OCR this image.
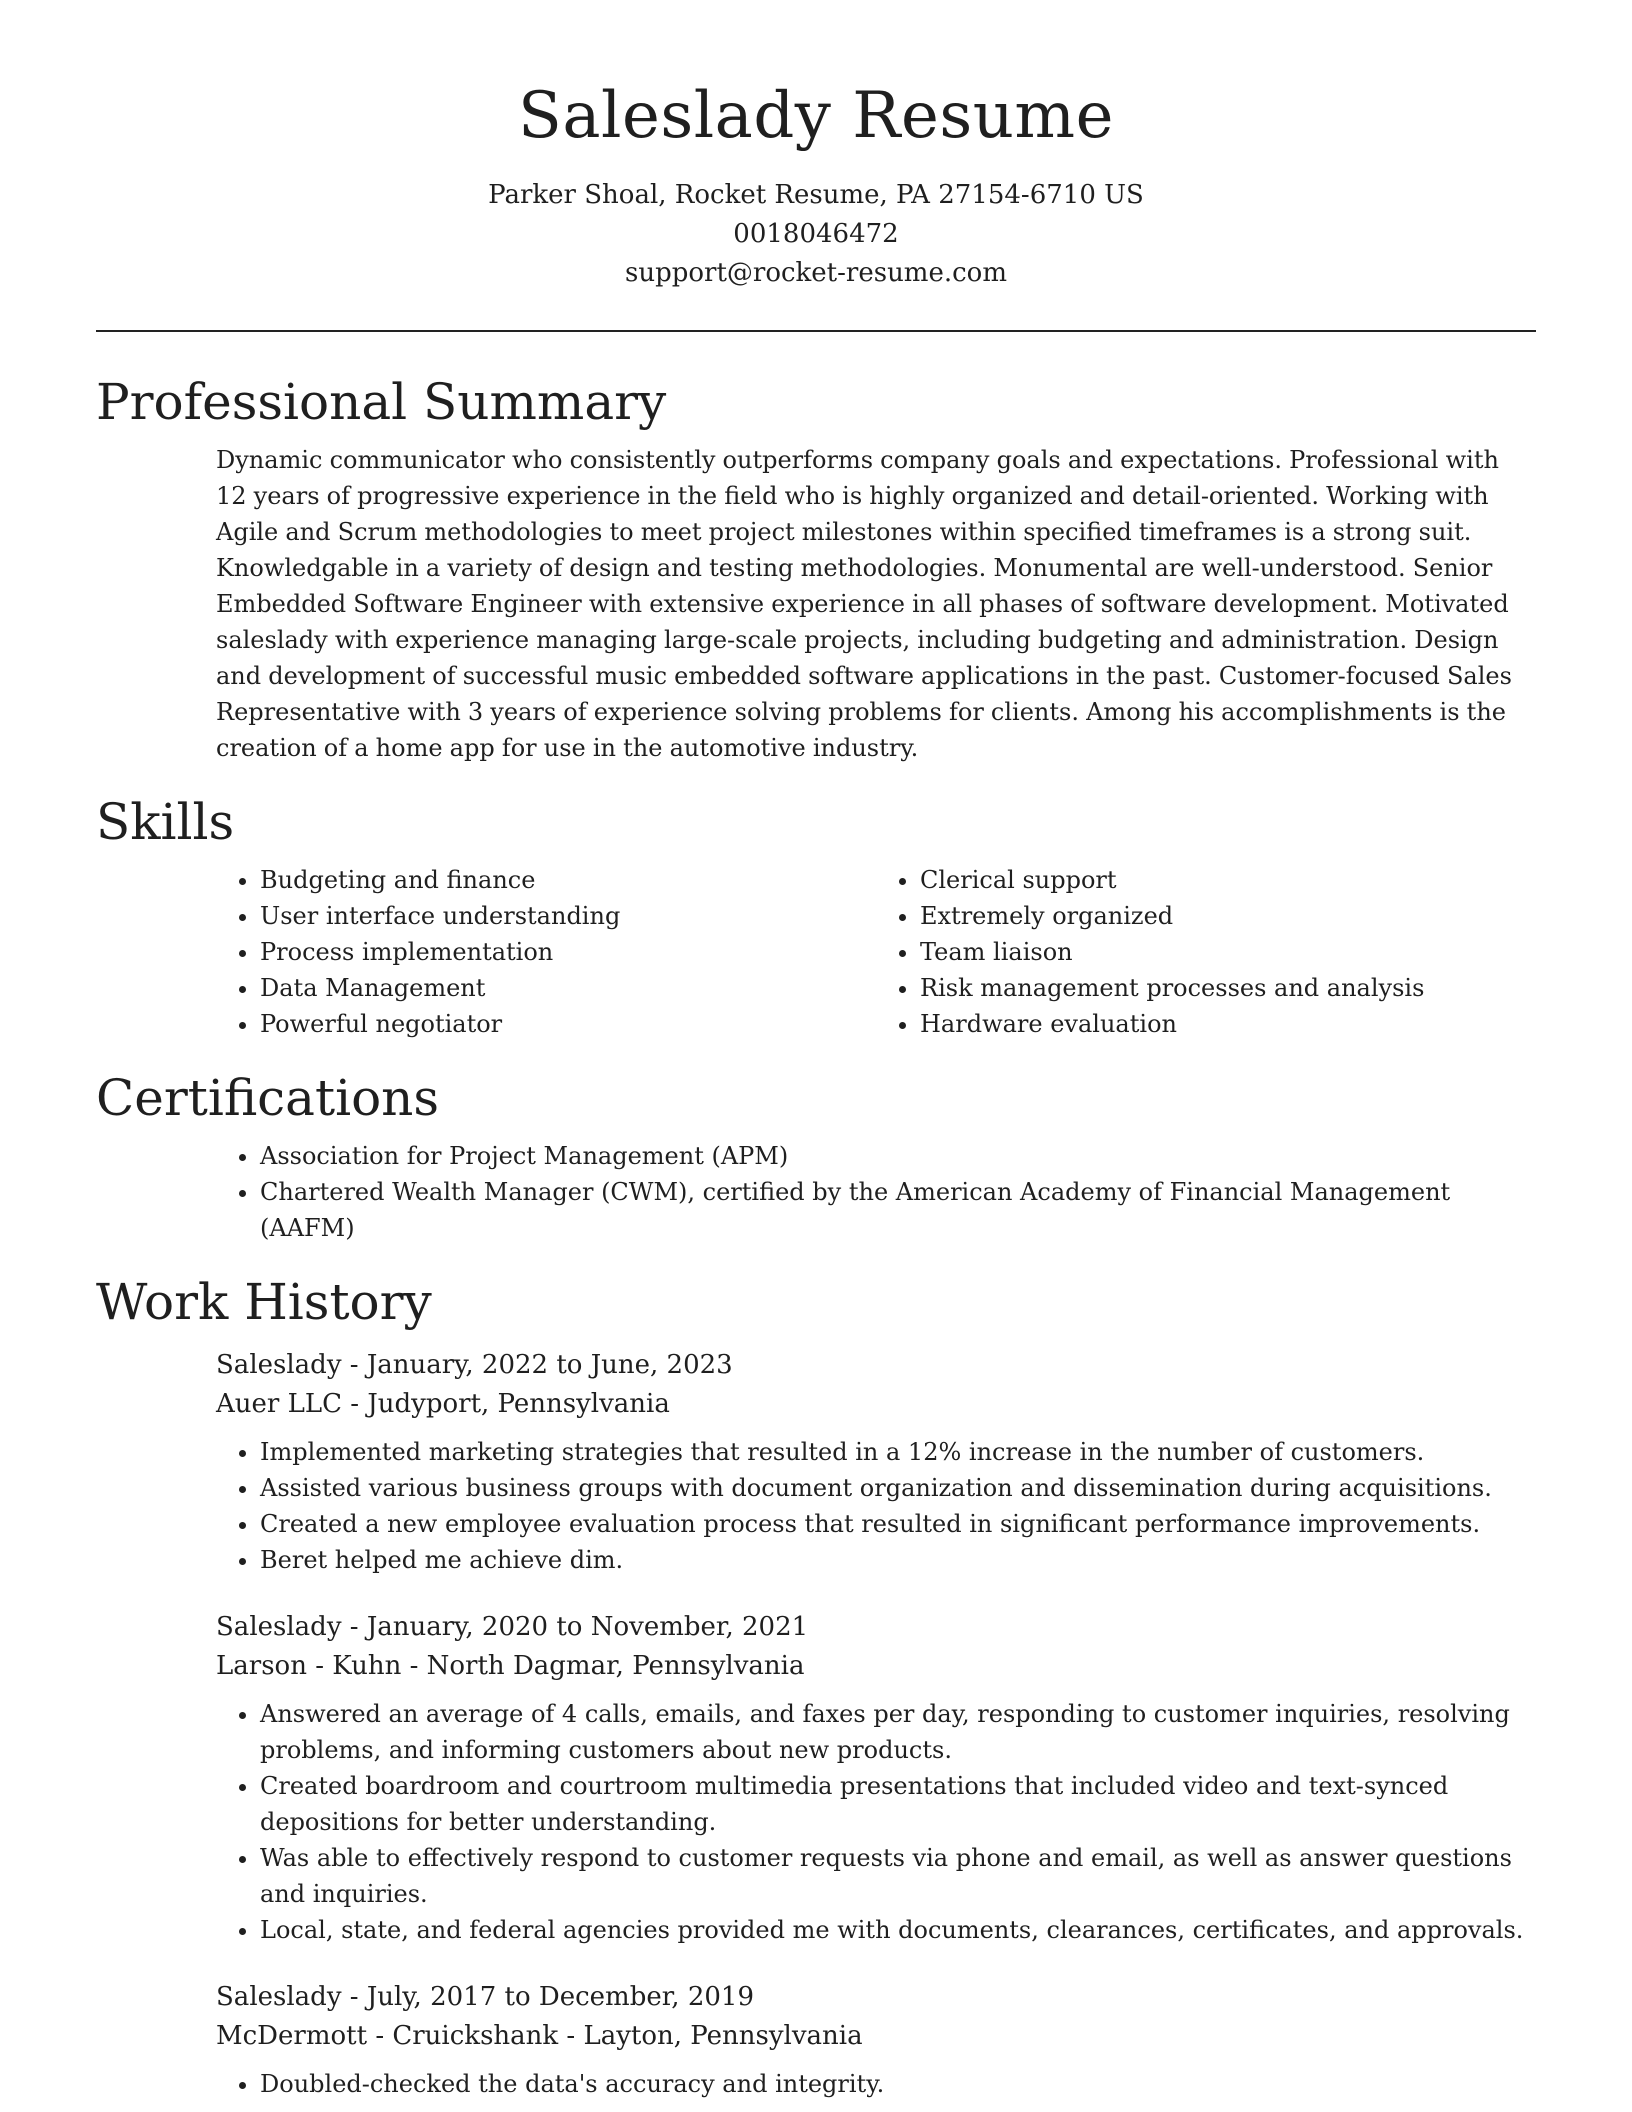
Saleslady Resume

Parker Shoal, Rocket Resume, PA 27154-6710 US

0018046472

support@rocket-resume.com

Professional Summary

Dynamic communicator who consistently outperforms company goals and expectations. Professional with 12 years of progressive experience in the field who is highly organized and detail-oriented. Working with Agile and Scrum methodologies to meet project milestones within specified timeframes is a strong suit. Knowledgable in a variety of design and testing methodologies. Monumental are well-understood. Senior Embedded Software Engineer with extensive experience in all phases of software development. Motivated saleslady with experience managing large-scale projects, including budgeting and administration. Design and development of successful music embedded software applications in the past. Customer-focused Sales Representative with 3 years of experience solving problems for clients. Among his accomplishments is the creation of a home app for use in the automotive industry.

Skills
• Budgeting and finance
• User interface understanding
• Process implementation
• Data Management
• Powerful negotiator
• Clerical support
• Extremely organized
• Team liaison
• Risk management processes and analysis
• Hardware evaluation
Certifications
• Association for Project Management (APM)
• Chartered Wealth Manager (CWM), certified by the American Academy of Financial Management (AAFM)
Work History

Saleslady - January, 2022 to June, 2023

Auer LLC - Judyport, Pennsylvania

• Implemented marketing strategies that resulted in a 12% increase in the number of customers.
• Assisted various business groups with document organization and dissemination during acquisitions.
• Created a new employee evaluation process that resulted in significant performance improvements.
• Beret helped me achieve dim.

Saleslady - January, 2020 to November, 2021

Larson - Kuhn - North Dagmar, Pennsylvania

• Answered an average of 4 calls, emails, and faxes per day, responding to customer inquiries, resolving problems, and informing customers about new products.
• Created boardroom and courtroom multimedia presentations that included video and text-synced depositions for better understanding.
• Was able to effectively respond to customer requests via phone and email, as well as answer questions and inquiries.
• Local, state, and federal agencies provided me with documents, clearances, certificates, and approvals.

Saleslady - July, 2017 to December, 2019

McDermott - Cruickshank - Layton, Pennsylvania

• Doubled-checked the data's accuracy and integrity.
